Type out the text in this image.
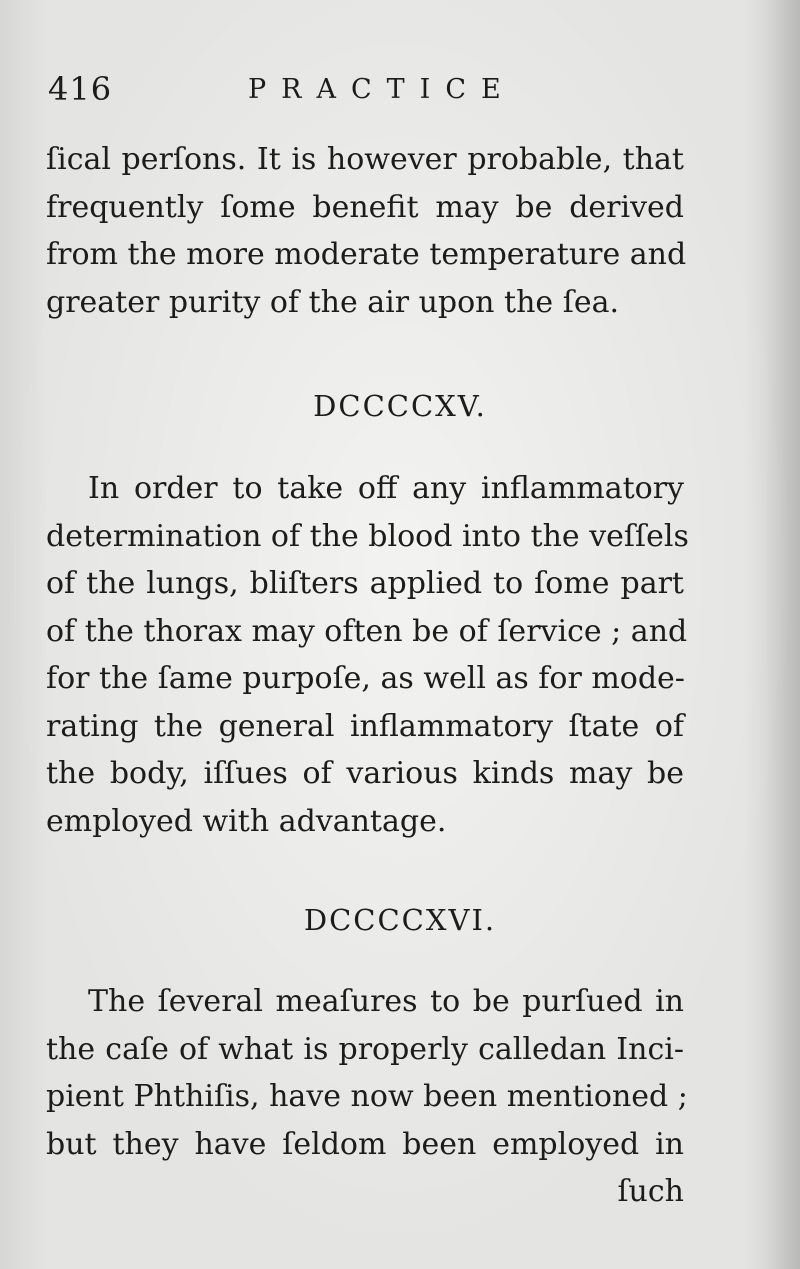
416	PRACTICE
ſical perſons. It is however probable, that
frequently ſome benefit may be derived
from the more moderate temperature and
greater purity of the air upon the ſea.
DCCCCXV.
In order to take off any inflammatory
determination of the blood into the veſſels
of the lungs, bliſters applied to ſome part
of the thorax may often be of ſervice ; and
for the ſame purpoſe, as well as for mode-
rating the general inflammatory ſtate of
the body, iſſues of various kinds may be
employed with advantage.
DCCCCXVI.
The ſeveral meaſures to be purſued in
the caſe of what is properly calledan Inci-
pient Phthiſis, have now been mentioned ;
but they have ſeldom been employed in
ſuch
